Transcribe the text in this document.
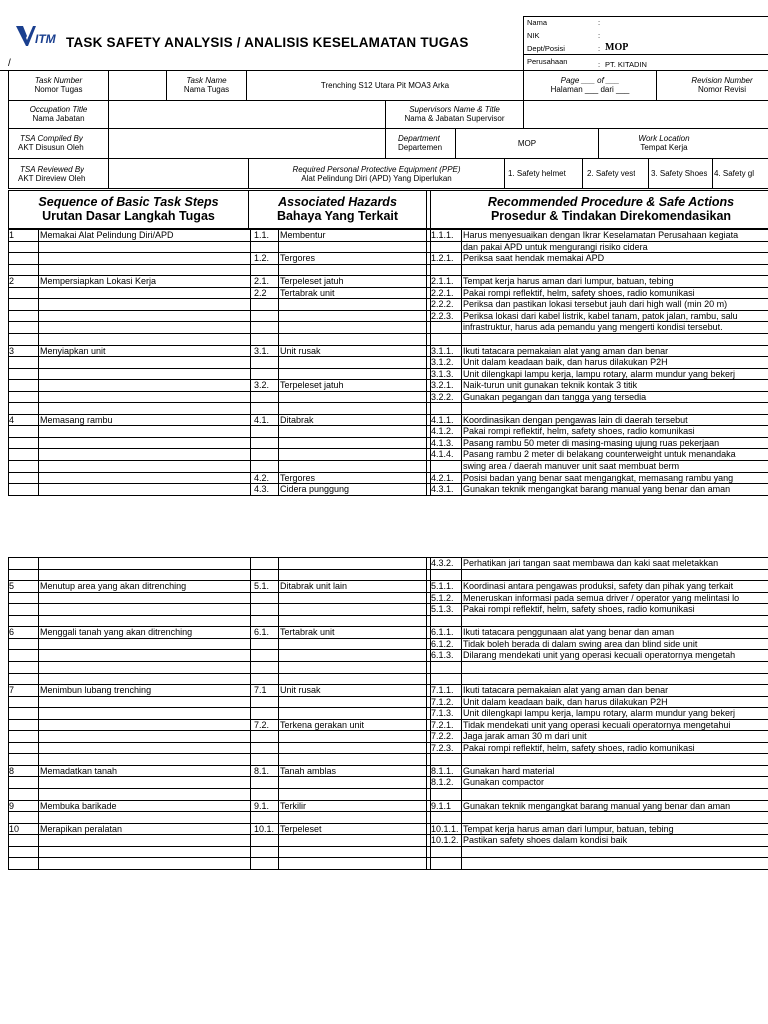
ITM TASK SAFETY ANALYSIS / ANALISIS KESELAMATAN TUGAS
/
Nama	:
NIK	:
Dept/Posisi	: MOP
Perusahaan	: PT. KITADIN
Task Number
Nomor Tugas
Task Name
Nama Tugas	Trenching S12 Utara Pit MOA3 Arka
Page ___ of ___
Halaman ___ dari ___
Revision Number
Nomor Revisi
Occupation Title
Nama Jabatan
Supervisors Name & Title
Nama & Jabatan Supervisor
TSA Compiled By
AKT Disusun Oleh
Department
Departemen	MOP
Work Location
Tempat Kerja
TSA Reviewed By
AKT Direview Oleh
Required Personal Protective Equipment (PPE)
Alat Pelindung Diri (APD) Yang Diperlukan
1. Safety helmet	2. Safety vest 3. Safety Shoes 4. Safety gl
Sequence of Basic Task Steps
Urutan Dasar Langkah Tugas
Associated Hazards
Bahaya Yang Terkait
Recommended Procedure & Safe Actions
Prosedur & Tindakan Direkomendasikan
1	Memakai Alat Pelindung Diri/APD	1.1.	Membentur	1.1.1.	Harus menyesuaikan dengan Ikrar Keselamatan Perusahaan kegiata
dan pakai APD untuk mengurangi risiko cidera
1.2.	Tergores	1.2.1.	Periksa saat hendak memakai APD
2	Mempersiapkan Lokasi Kerja	2.1.	Terpeleset jatuh	2.1.1.	Tempat kerja harus aman dari lumpur, batuan, tebing
2.2	Tertabrak unit	2.2.1.	Pakai rompi reflektif, helm, safety shoes, radio komunikasi
2.2.2.	Periksa dan pastikan lokasi tersebut jauh dari high wall (min 20 m)
2.2.3.	Periksa lokasi dari kabel listrik, kabel tanam, patok jalan, rambu, salu
infrastruktur, harus ada pemandu yang mengerti kondisi tersebut.
3	Menyiapkan unit	3.1.	Unit rusak	3.1.1.	Ikuti tatacara pemakaian alat yang aman dan benar
3.1.2.	Unit dalam keadaan baik, dan harus dilakukan P2H
3.1.3.	Unit dilengkapi lampu kerja, lampu rotary, alarm mundur yang bekerj
3.2.	Terpeleset jatuh	3.2.1.	Naik-turun unit gunakan teknik kontak 3 titik
3.2.2.	Gunakan pegangan dan tangga yang tersedia
4	Memasang rambu	4.1.	Ditabrak	4.1.1.	Koordinasikan dengan pengawas lain di daerah tersebut
4.1.2.	Pakai rompi reflektif, helm, safety shoes, radio komunikasi
4.1.3.	Pasang rambu 50 meter di masing-masing ujung ruas pekerjaan
4.1.4.	Pasang rambu 2 meter di belakang counterweight untuk menandaka
swing area / daerah manuver unit saat membuat berm
4.2.	Tergores	4.2.1.	Posisi badan yang benar saat mengangkat, memasang rambu yang
4.3.	Cidera punggung	4.3.1.	Gunakan teknik mengangkat barang manual yang benar dan aman
4.3.2.	Perhatikan jari tangan saat membawa dan kaki saat meletakkan
5	Menutup area yang akan ditrenching	5.1.	Ditabrak unit lain	5.1.1.	Koordinasi antara pengawas produksi, safety dan pihak yang terkait
5.1.2.	Meneruskan informasi pada semua driver / operator yang melintasi lo
5.1.3.	Pakai rompi reflektif, helm, safety shoes, radio komunikasi
6	Menggali tanah yang akan ditrenching	6.1.	Tertabrak unit	6.1.1.	Ikuti tatacara penggunaan alat yang benar dan aman
6.1.2.	Tidak boleh berada di dalam swing area dan blind side unit
6.1.3.	Dilarang mendekati unit yang operasi kecuali operatornya mengetah
7	Menimbun lubang trenching	7.1	Unit rusak	7.1.1.	Ikuti tatacara pemakaian alat yang aman dan benar
7.1.2.	Unit dalam keadaan baik, dan harus dilakukan P2H
7.1.3.	Unit dilengkapi lampu kerja, lampu rotary, alarm mundur yang bekerj
7.2.	Terkena gerakan unit	7.2.1.	Tidak mendekati unit yang operasi kecuali operatornya mengetahui
7.2.2.	Jaga jarak aman 30 m dari unit
7.2.3.	Pakai rompi reflektif, helm, safety shoes, radio komunikasi
8	Memadatkan tanah	8.1.	Tanah amblas	8.1.1.	Gunakan hard material
8.1.2.	Gunakan compactor
9	Membuka barikade	9.1.	Terkilir	9.1.1	Gunakan teknik mengangkat barang manual yang benar dan aman
10	Merapikan peralatan	10.1. Terpeleset	10.1.1. Tempat kerja harus aman dari lumpur, batuan, tebing
10.1.2. Pastikan safety shoes dalam kondisi baik
